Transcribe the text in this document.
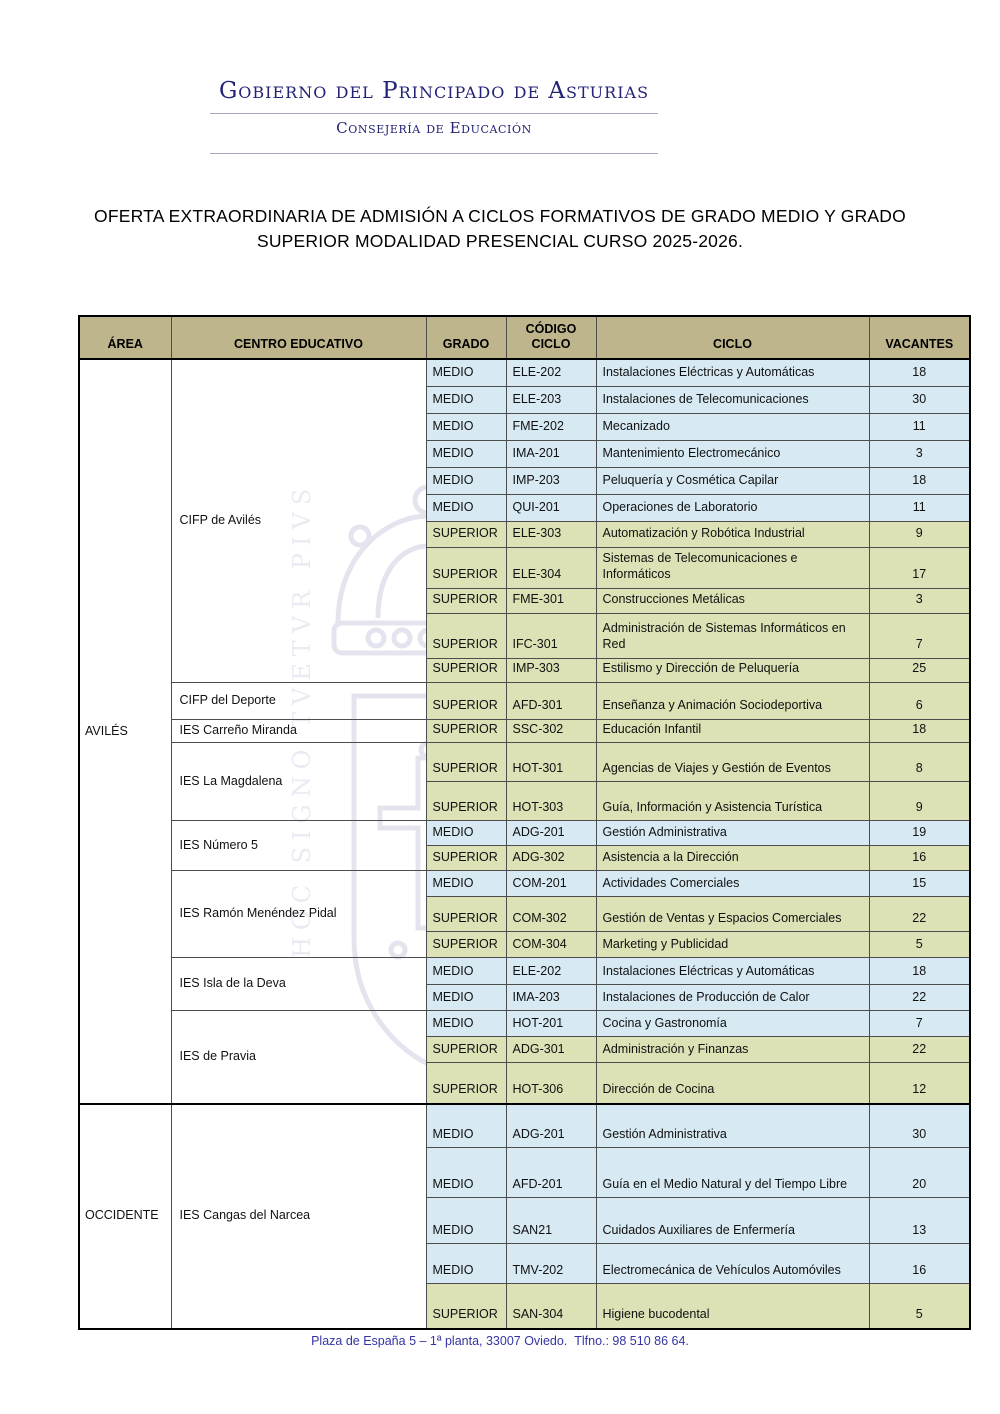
Gobierno del Principado de Asturias
Consejería de Educación
OFERTA EXTRAORDINARIA DE ADMISIÓN A CICLOS FORMATIVOS DE GRADO MEDIO Y GRADO SUPERIOR MODALIDAD PRESENCIAL CURSO 2025-2026.
HOC SIGNO TVETVR PIVS
ÁREA	CENTRO EDUCATIVO	GRADO	CÓDIGO CICLO	CICLO	VACANTES
AVILÉS	CIFP de Avilés	MEDIO	ELE-202	Instalaciones Eléctricas y Automáticas	18
		MEDIO	ELE-203	Instalaciones de Telecomunicaciones	30
		MEDIO	FME-202	Mecanizado	11
		MEDIO	IMA-201	Mantenimiento Electromecánico	3
		MEDIO	IMP-203	Peluquería y Cosmética Capilar	18
		MEDIO	QUI-201	Operaciones de Laboratorio	11
		SUPERIOR	ELE-303	Automatización y Robótica Industrial	9
		SUPERIOR	ELE-304	Sistemas de Telecomunicaciones e Informáticos	17
		SUPERIOR	FME-301	Construcciones Metálicas	3
		SUPERIOR	IFC-301	Administración de Sistemas Informáticos en Red	7
		SUPERIOR	IMP-303	Estilismo y Dirección de Peluquería	25
	CIFP del Deporte	SUPERIOR	AFD-301	Enseñanza y Animación Sociodeportiva	6
	IES Carreño Miranda	SUPERIOR	SSC-302	Educación Infantil	18
	IES La Magdalena	SUPERIOR	HOT-301	Agencias de Viajes y Gestión de Eventos	8
		SUPERIOR	HOT-303	Guía, Información y Asistencia Turística	9
	IES Número 5	MEDIO	ADG-201	Gestión Administrativa	19
		SUPERIOR	ADG-302	Asistencia a la Dirección	16
	IES Ramón Menéndez Pidal	MEDIO	COM-201	Actividades Comerciales	15
		SUPERIOR	COM-302	Gestión de Ventas y Espacios Comerciales	22
		SUPERIOR	COM-304	Marketing y Publicidad	5
	IES Isla de la Deva	MEDIO	ELE-202	Instalaciones Eléctricas y Automáticas	18
		MEDIO	IMA-203	Instalaciones de Producción de Calor	22
	IES de Pravia	MEDIO	HOT-201	Cocina y Gastronomía	7
		SUPERIOR	ADG-301	Administración y Finanzas	22
		SUPERIOR	HOT-306	Dirección de Cocina	12
OCCIDENTE	IES Cangas del Narcea	MEDIO	ADG-201	Gestión Administrativa	30
		MEDIO	AFD-201	Guía en el Medio Natural y del Tiempo Libre	20
		MEDIO	SAN21	Cuidados Auxiliares de Enfermería	13
		MEDIO	TMV-202	Electromecánica de Vehículos Automóviles	16
		SUPERIOR	SAN-304	Higiene bucodental	5
Plaza de España 5 – 1ª planta, 33007 Oviedo.  Tlfno.: 98 510 86 64.
